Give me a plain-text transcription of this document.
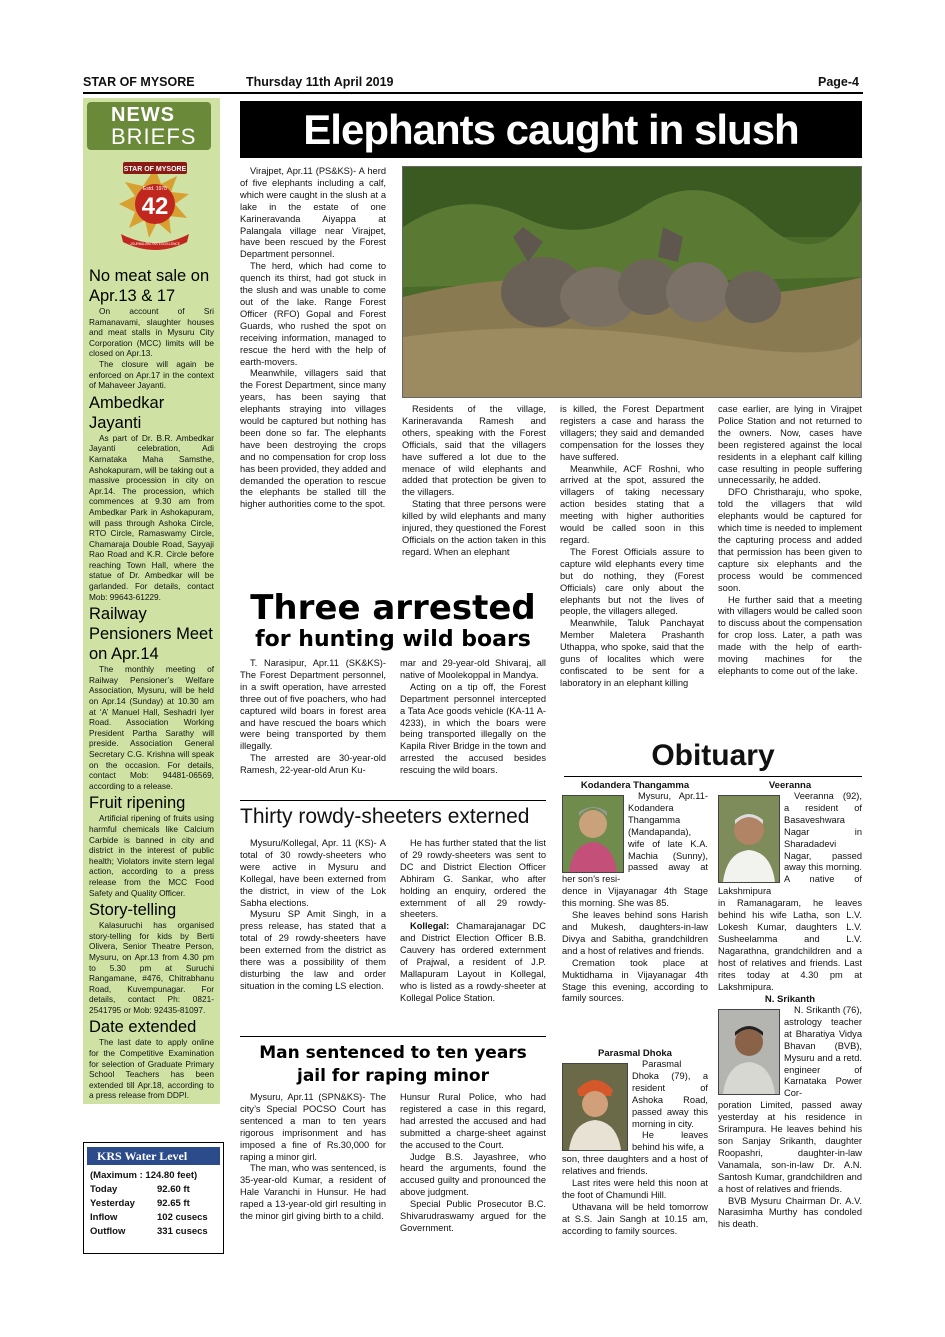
STAR OF MYSORE	Thursday 11th April 2019	Page-4
NEWS
BRIEFS
STAR OF MYSORE
Estd. 1978
42
JOURNALISM PAR EXCELLENCE
No meat sale on Apr.13 & 17

On account of Sri Ramanavami, slaughter houses and meat stalls in Mysuru City Corporation (MCC) limits will be closed on Apr.13.

The closure will again be enforced on Apr.17 in the context of Mahaveer Jayanti.

Ambedkar Jayanti

As part of Dr. B.R. Ambedkar Jayanti celebration, Adi Karnataka Maha Samsthe, Ashokapuram, will be taking out a massive procession in city on Apr.14. The procession, which commences at 9.30 am from Ambedkar Park in Ashokapuram, will pass through Ashoka Circle, RTO Circle, Ramaswamy Circle, Chamaraja Double Road, Sayyaji Rao Road and K.R. Circle before reaching Town Hall, where the statue of Dr. Ambedkar will be garlanded. For details, contact Mob: 99643-61229.

Railway Pensioners Meet on Apr.14

The monthly meeting of Railway Pensioner’s Welfare Association, Mysuru, will be held on Apr.14 (Sunday) at 10.30 am at ‘A’ Manuel Hall, Seshadri Iyer Road. Association Working President Partha Sarathy will preside. Association General Secretary C.G. Krishna will speak on the occasion. For details, contact Mob: 94481-06569, according to a release.

Fruit ripening

Artificial ripening of fruits using harmful chemicals like Calcium Carbide is banned in city and district in the interest of public health; Violators invite stern legal action, according to a press release from the MCC Food Safety and Quality Officer.

Story-telling

Kalasuruchi has organised story-telling for kids by Berti Olivera, Senior Theatre Person, Mysuru, on Apr.13 from 4.30 pm to 5.30 pm at Suruchi Rangamane, #476, Chitrabhanu Road, Kuvempunagar. For details, contact Ph: 0821-2541795 or Mob: 92435-81097.

Date extended

The last date to apply online for the Competitive Examination for selection of Graduate Primary School Teachers has been extended till Apr.18, according to a press release from DDPI.

KRS Water Level
(Maximum : 124.80 feet)
Today	92.60 ft
Yesterday	92.65 ft
Inflow	102 cusecs
Outflow	331 cusecs
Elephants caught in slush

Virajpet, Apr.11 (PS&KS)- A herd of five elephants including a calf, which were caught in the slush at a lake in the estate of one Karineravanda Aiyappa at Palangala village near Virajpet, have been rescued by the Forest Department personnel.

The herd, which had come to quench its thirst, had got stuck in the slush and was unable to come out of the lake. Range Forest Officer (RFO) Gopal and Forest Guards, who rushed the spot on receiving information, managed to rescue the herd with the help of earth-movers.

Meanwhile, villagers said that the Forest Department, since many years, has been saying that elephants straying into villages would be captured but nothing has been done so far. The elephants have been destroying the crops and no compensation for crop loss has been provided, they added and demanded the operation to rescue the elephants be stalled till the higher authorities come to the spot.

Residents of the village, Karineravanda Ramesh and others, speaking with the Forest Officials, said that the villagers have suffered a lot due to the menace of wild elephants and added that protection be given to the villagers.

Stating that three persons were killed by wild elephants and many injured, they questioned the Forest Officials on the action taken in this regard. When an elephant

is killed, the Forest Department registers a case and harass the villagers; they said and demanded compensation for the losses they have suffered.

Meanwhile, ACF Roshni, who arrived at the spot, assured the villagers of taking necessary action besides stating that a meeting with higher authorities would be called soon in this regard.

The Forest Officials assure to capture wild elephants every time but do nothing, they (Forest Officials) care only about the elephants but not the lives of people, the villagers alleged.

Meanwhile, Taluk Panchayat Member Maletera Prashanth Uthappa, who spoke, said that the guns of localites which were confiscated to be sent for a laboratory in an elephant killing

case earlier, are lying in Virajpet Police Station and not returned to the owners. Now, cases have been registered against the local residents in a elephant calf killing case resulting in people suffering unnecessarily, he added.

DFO Christharaju, who spoke, told the villagers that wild elephants would be captured for which time is needed to implement the capturing process and added that permission has been given to capture six elephants and the process would be commenced soon.

He further said that a meeting with villagers would be called soon to discuss about the compensation for crop loss. Later, a path was made with the help of earth-moving machines for the elephants to come out of the lake.

Three arrested
for hunting wild boars

T. Narasipur, Apr.11 (SK&KS)- The Forest Department personnel, in a swift operation, have arrested three out of five poachers, who had captured wild boars in forest area and have rescued the boars which were being transported by them illegally.

The arrested are 30-year-old Ramesh, 22-year-old Arun Ku-

mar and 29-year-old Shivaraj, all native of Moolekoppal in Mandya.

Acting on a tip off, the Forest Department personnel intercepted a Tata Ace goods vehicle (KA-11 A-4233), in which the boars were being transported illegally on the Kapila River Bridge in the town and arrested the accused besides rescuing the wild boars.

Thirty rowdy-sheeters externed

Mysuru/Kollegal, Apr. 11 (KS)- A total of 30 rowdy-sheeters who were active in Mysuru and Kollegal, have been externed from the district, in view of the Lok Sabha elections.

Mysuru SP Amit Singh, in a press release, has stated that a total of 29 rowdy-sheeters have been externed from the district as there was a possibility of them disturbing the law and order situation in the coming LS election.

He has further stated that the list of 29 rowdy-sheeters was sent to DC and District Election Officer Abhiram G. Sankar, who after holding an enquiry, ordered the externment of all 29 rowdy-sheeters.

Kollegal: Chamarajanagar DC and District Election Officer B.B. Cauvery has ordered externment of Prajwal, a resident of J.P. Mallapuram Layout in Kollegal, who is listed as a rowdy-sheeter at Kollegal Police Station.

Man sentenced to ten years
jail for raping minor

Mysuru, Apr.11 (SPN&KS)- The city’s Special POCSO Court has sentenced a man to ten years rigorous imprisonment and has imposed a fine of Rs.30,000 for raping a minor girl.

The man, who was sentenced, is 35-year-old Kumar, a resident of Hale Varanchi in Hunsur. He had raped a 13-year-old girl resulting in the minor girl giving birth to a child.

Hunsur Rural Police, who had registered a case in this regard, had arrested the accused and had submitted a charge-sheet against the accused to the Court.

Judge B.S. Jayashree, who heard the arguments, found the accused guilty and pronounced the above judgment.

Special Public Prosecutor B.C. Shivarudraswamy argued for the Government.

Obituary
Kodandera Thangamma

Mysuru, Apr.11- Kodandera Thangamma (Mandapanda), wife of late K.A. Machia (Sunny), passed away at her son’s resi-

dence in Vijayanagar 4th Stage this morning. She was 85.

She leaves behind sons Harish and Mukesh, daughters-in-law Divya and Sabitha, grandchildren and a host of relatives and friends.

Cremation took place at Muktidhama in Vijayanagar 4th Stage this evening, according to family sources.

Parasmal Dhoka

Parasmal Dhoka (79), a resident of Ashoka Road, passed away this morning in city.

He leaves behind his wife, a

son, three daughters and a host of relatives and friends.

Last rites were held this noon at the foot of Chamundi Hill.

Uthavana will be held tomorrow at S.S. Jain Sangh at 10.15 am, according to family sources.

Veeranna

Veeranna (92), a resident of Basaveshwara Nagar in Sharadadevi Nagar, passed away this morning. A native of Lakshmipura

in Ramanagaram, he leaves behind his wife Latha, son L.V. Lokesh Kumar, daughters L.V. Susheelamma and L.V. Nagarathna, grandchildren and a host of relatives and friends. Last rites today at 4.30 pm at Lakshmipura.

N. Srikanth

N. Srikanth (76), astrology teacher at Bharatiya Vidya Bhavan (BVB), Mysuru and a retd. engineer of Karnataka Power Cor-

poration Limited, passed away yesterday at his residence in Srirampura. He leaves behind his son Sanjay Srikanth, daughter Roopashri, daughter-in-law Vanamala, son-in-law Dr. A.N. Santosh Kumar, grandchildren and a host of relatives and friends.

BVB Mysuru Chairman Dr. A.V. Narasimha Murthy has condoled his death.
